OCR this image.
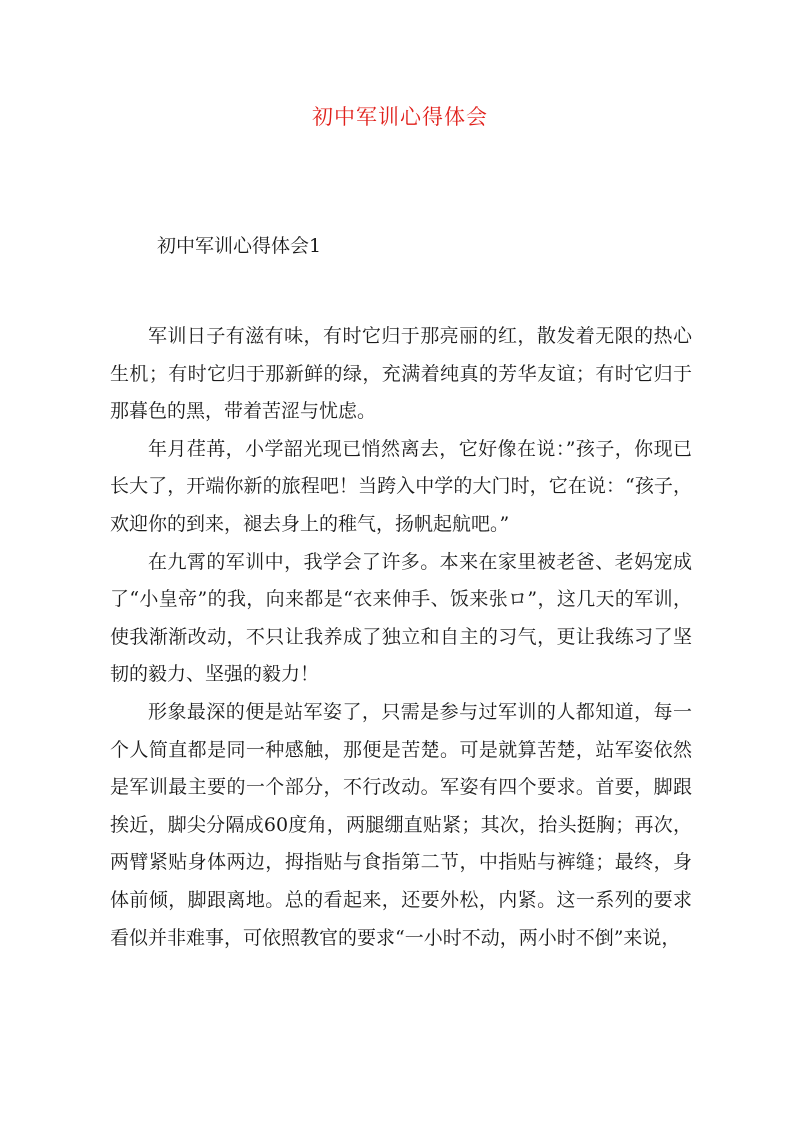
初中军训心得体会
初中军训心得体会1

军训日子有滋有味，有时它归于那亮丽的红，散发着无限的热心生机；有时它归于那新鲜的绿，充满着纯真的芳华友谊；有时它归于那暮色的黑，带着苦涩与忧虑。

年月荏苒，小学韶光现已悄然离去，它好像在说：”孩子，你现已长大了，开端你新的旅程吧！当跨入中学的大门时，它在说：“孩子，欢迎你的到来，褪去身上的稚气，扬帆起航吧。”

在九霄的军训中，我学会了许多。本来在家里被老爸、老妈宠成了“小皇帝”的我，向来都是“衣来伸手、饭来张ロ”，这几天的军训，使我渐渐改动，不只让我养成了独立和自主的习气，更让我练习了坚韧的毅力、坚强的毅力！

形象最深的便是站军姿了，只需是参与过军训的人都知道，每一个人简直都是同一种感触，那便是苦楚。可是就算苦楚，站军姿依然是军训最主要的一个部分，不行改动。军姿有四个要求。首要，脚跟挨近，脚尖分隔成60度角，两腿绷直贴紧；其次，抬头挺胸；再次，两臂紧贴身体两边，拇指贴与食指第二节，中指贴与裤缝；最终，身体前倾，脚跟离地。总的看起来，还要外松，内紧。这一系列的要求看似并非难事，可依照教官的要求“一小时不动，两小时不倒”来说，
